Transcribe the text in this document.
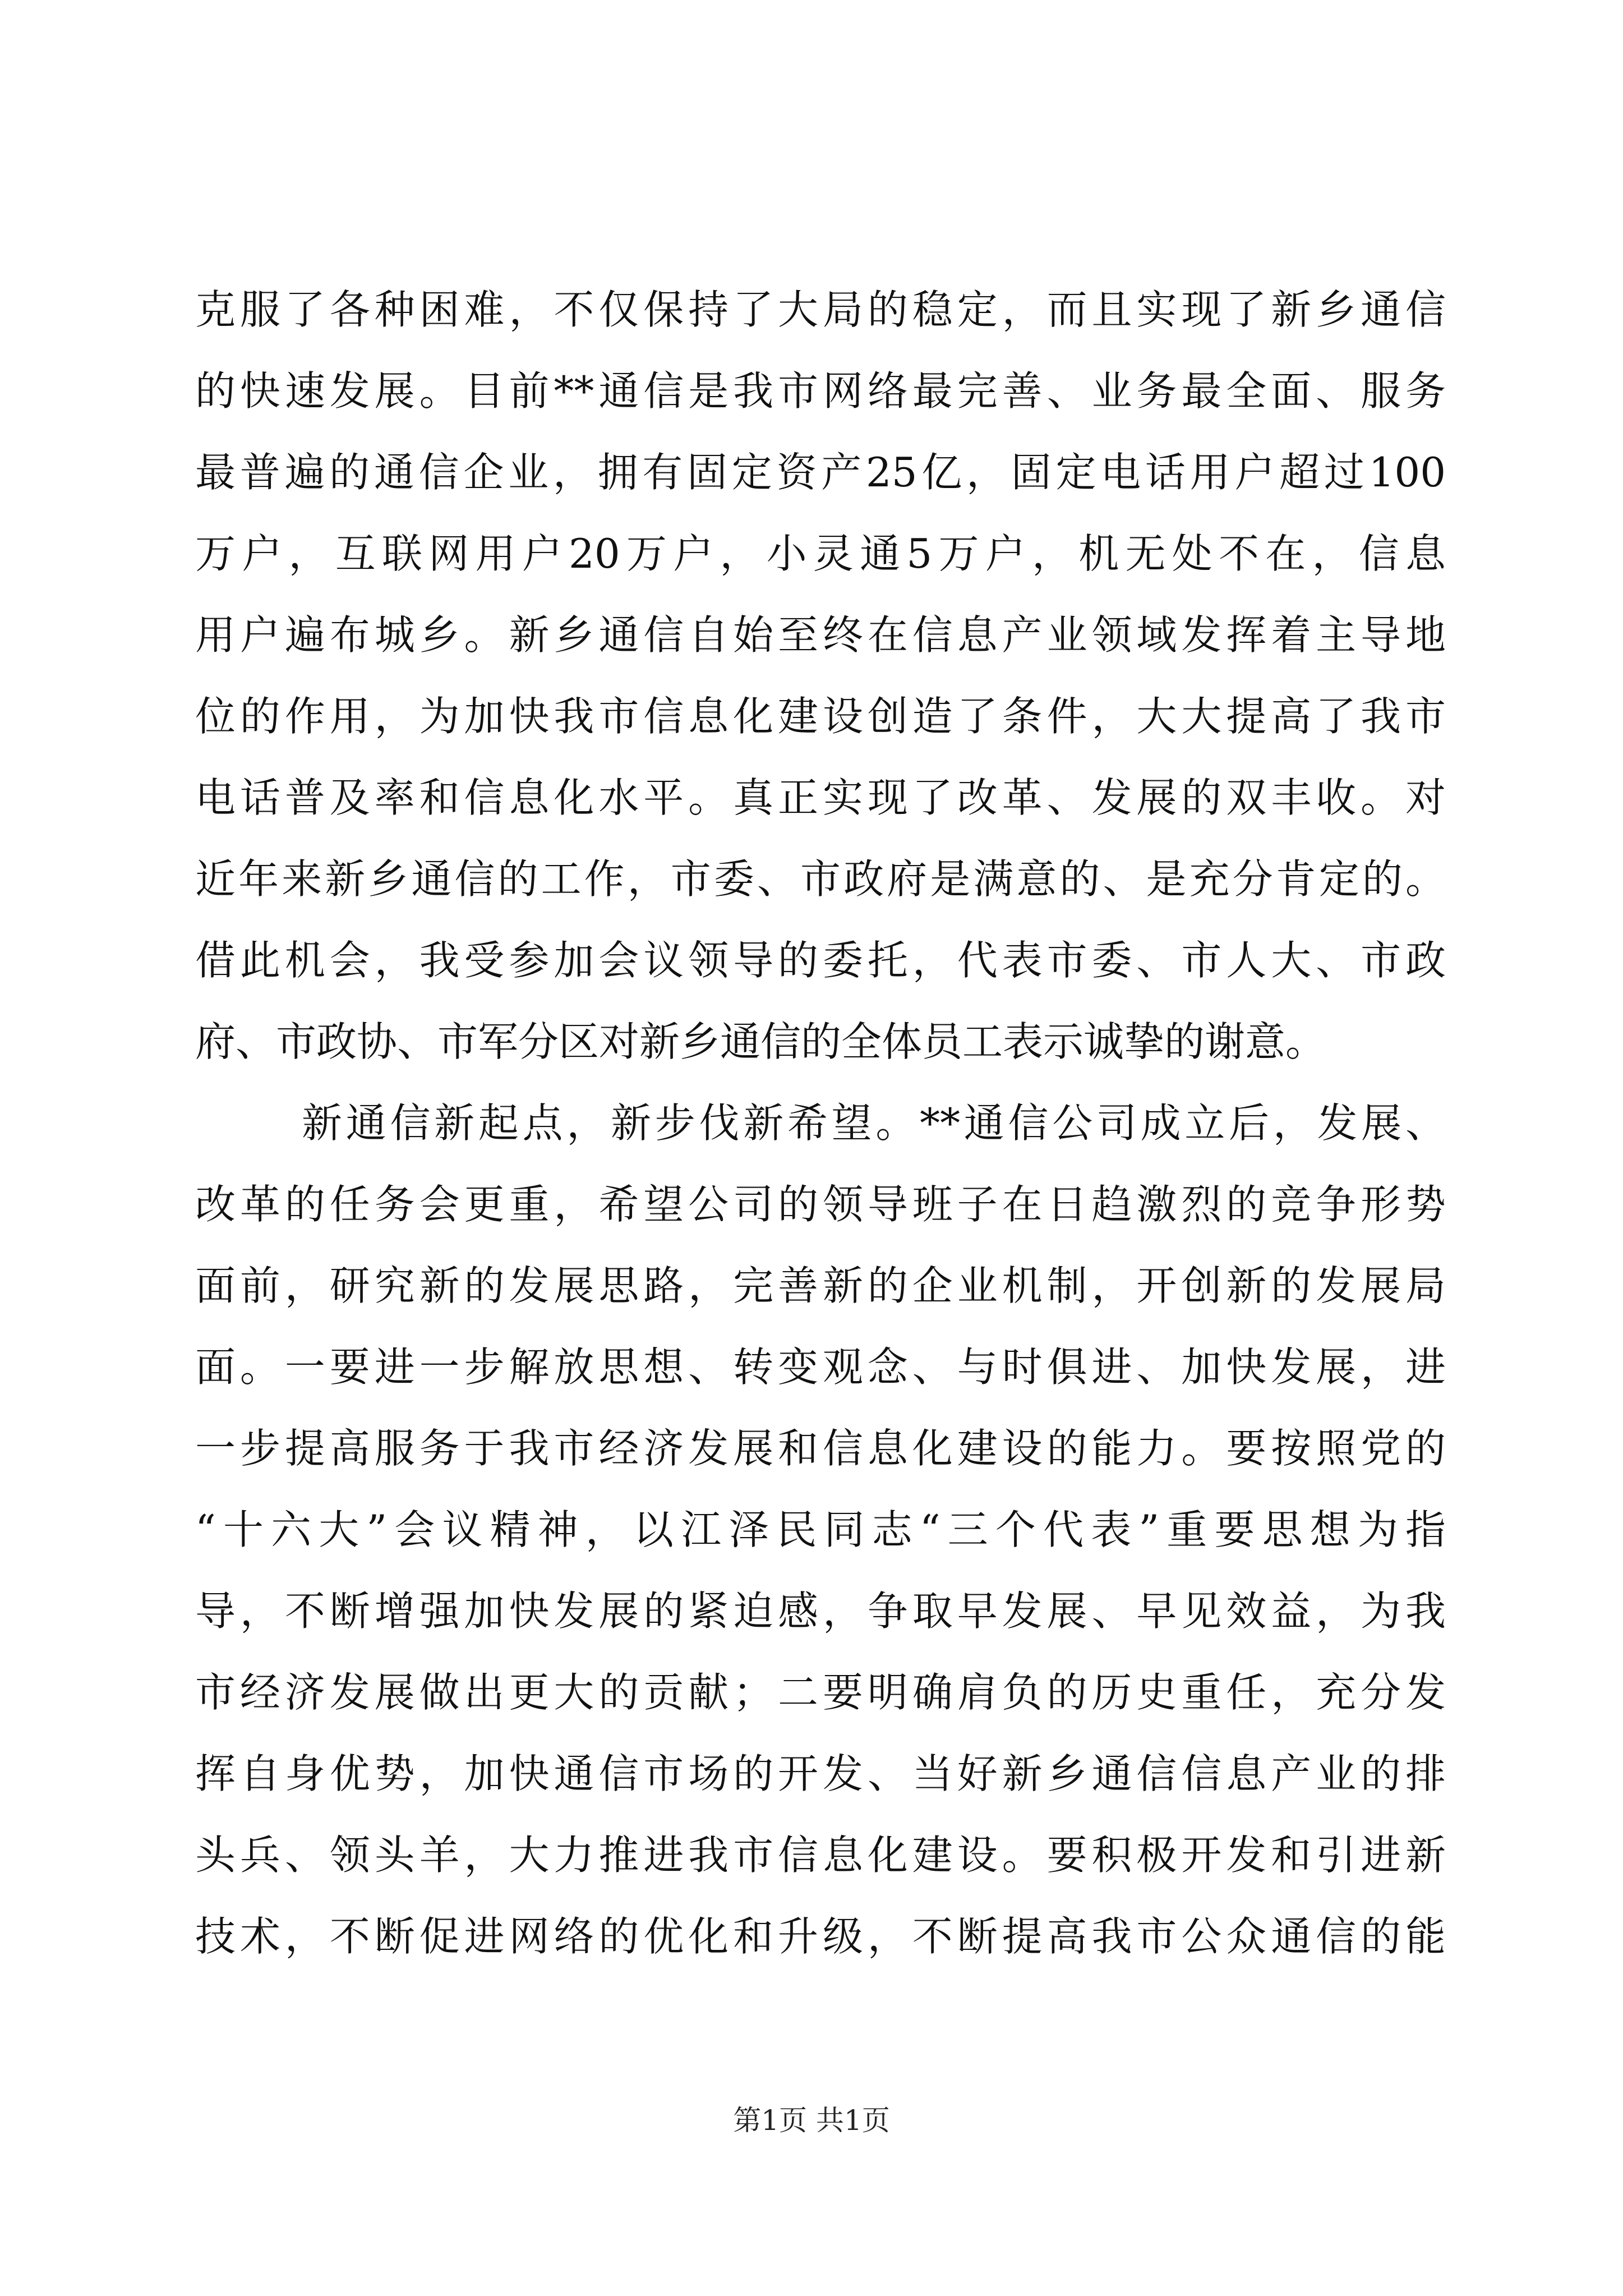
克服了各种困难，不仅保持了大局的稳定，而且实现了新乡通信
的快速发展。目前**通信是我市网络最完善、业务最全面、服务
最普遍的通信企业，拥有固定资产25亿，固定电话用户超过100
万户，互联网用户20万户，小灵通5万户，机无处不在，信息
用户遍布城乡。新乡通信自始至终在信息产业领域发挥着主导地
位的作用，为加快我市信息化建设创造了条件，大大提高了我市
电话普及率和信息化水平。真正实现了改革、发展的双丰收。对
近年来新乡通信的工作，市委、市政府是满意的、是充分肯定的。
借此机会，我受参加会议领导的委托，代表市委、市人大、市政
府、市政协、市军分区对新乡通信的全体员工表示诚挚的谢意。
新通信新起点，新步伐新希望。**通信公司成立后，发展、
改革的任务会更重，希望公司的领导班子在日趋激烈的竞争形势
面前，研究新的发展思路，完善新的企业机制，开创新的发展局
面。一要进一步解放思想、转变观念、与时俱进、加快发展，进
一步提高服务于我市经济发展和信息化建设的能力。要按照党的
“十六大”会议精神，以江泽民同志“三个代表”重要思想为指
导，不断增强加快发展的紧迫感，争取早发展、早见效益，为我
市经济发展做出更大的贡献；二要明确肩负的历史重任，充分发
挥自身优势，加快通信市场的开发、当好新乡通信信息产业的排
头兵、领头羊，大力推进我市信息化建设。要积极开发和引进新
技术，不断促进网络的优化和升级，不断提高我市公众通信的能
第1页 共1页
